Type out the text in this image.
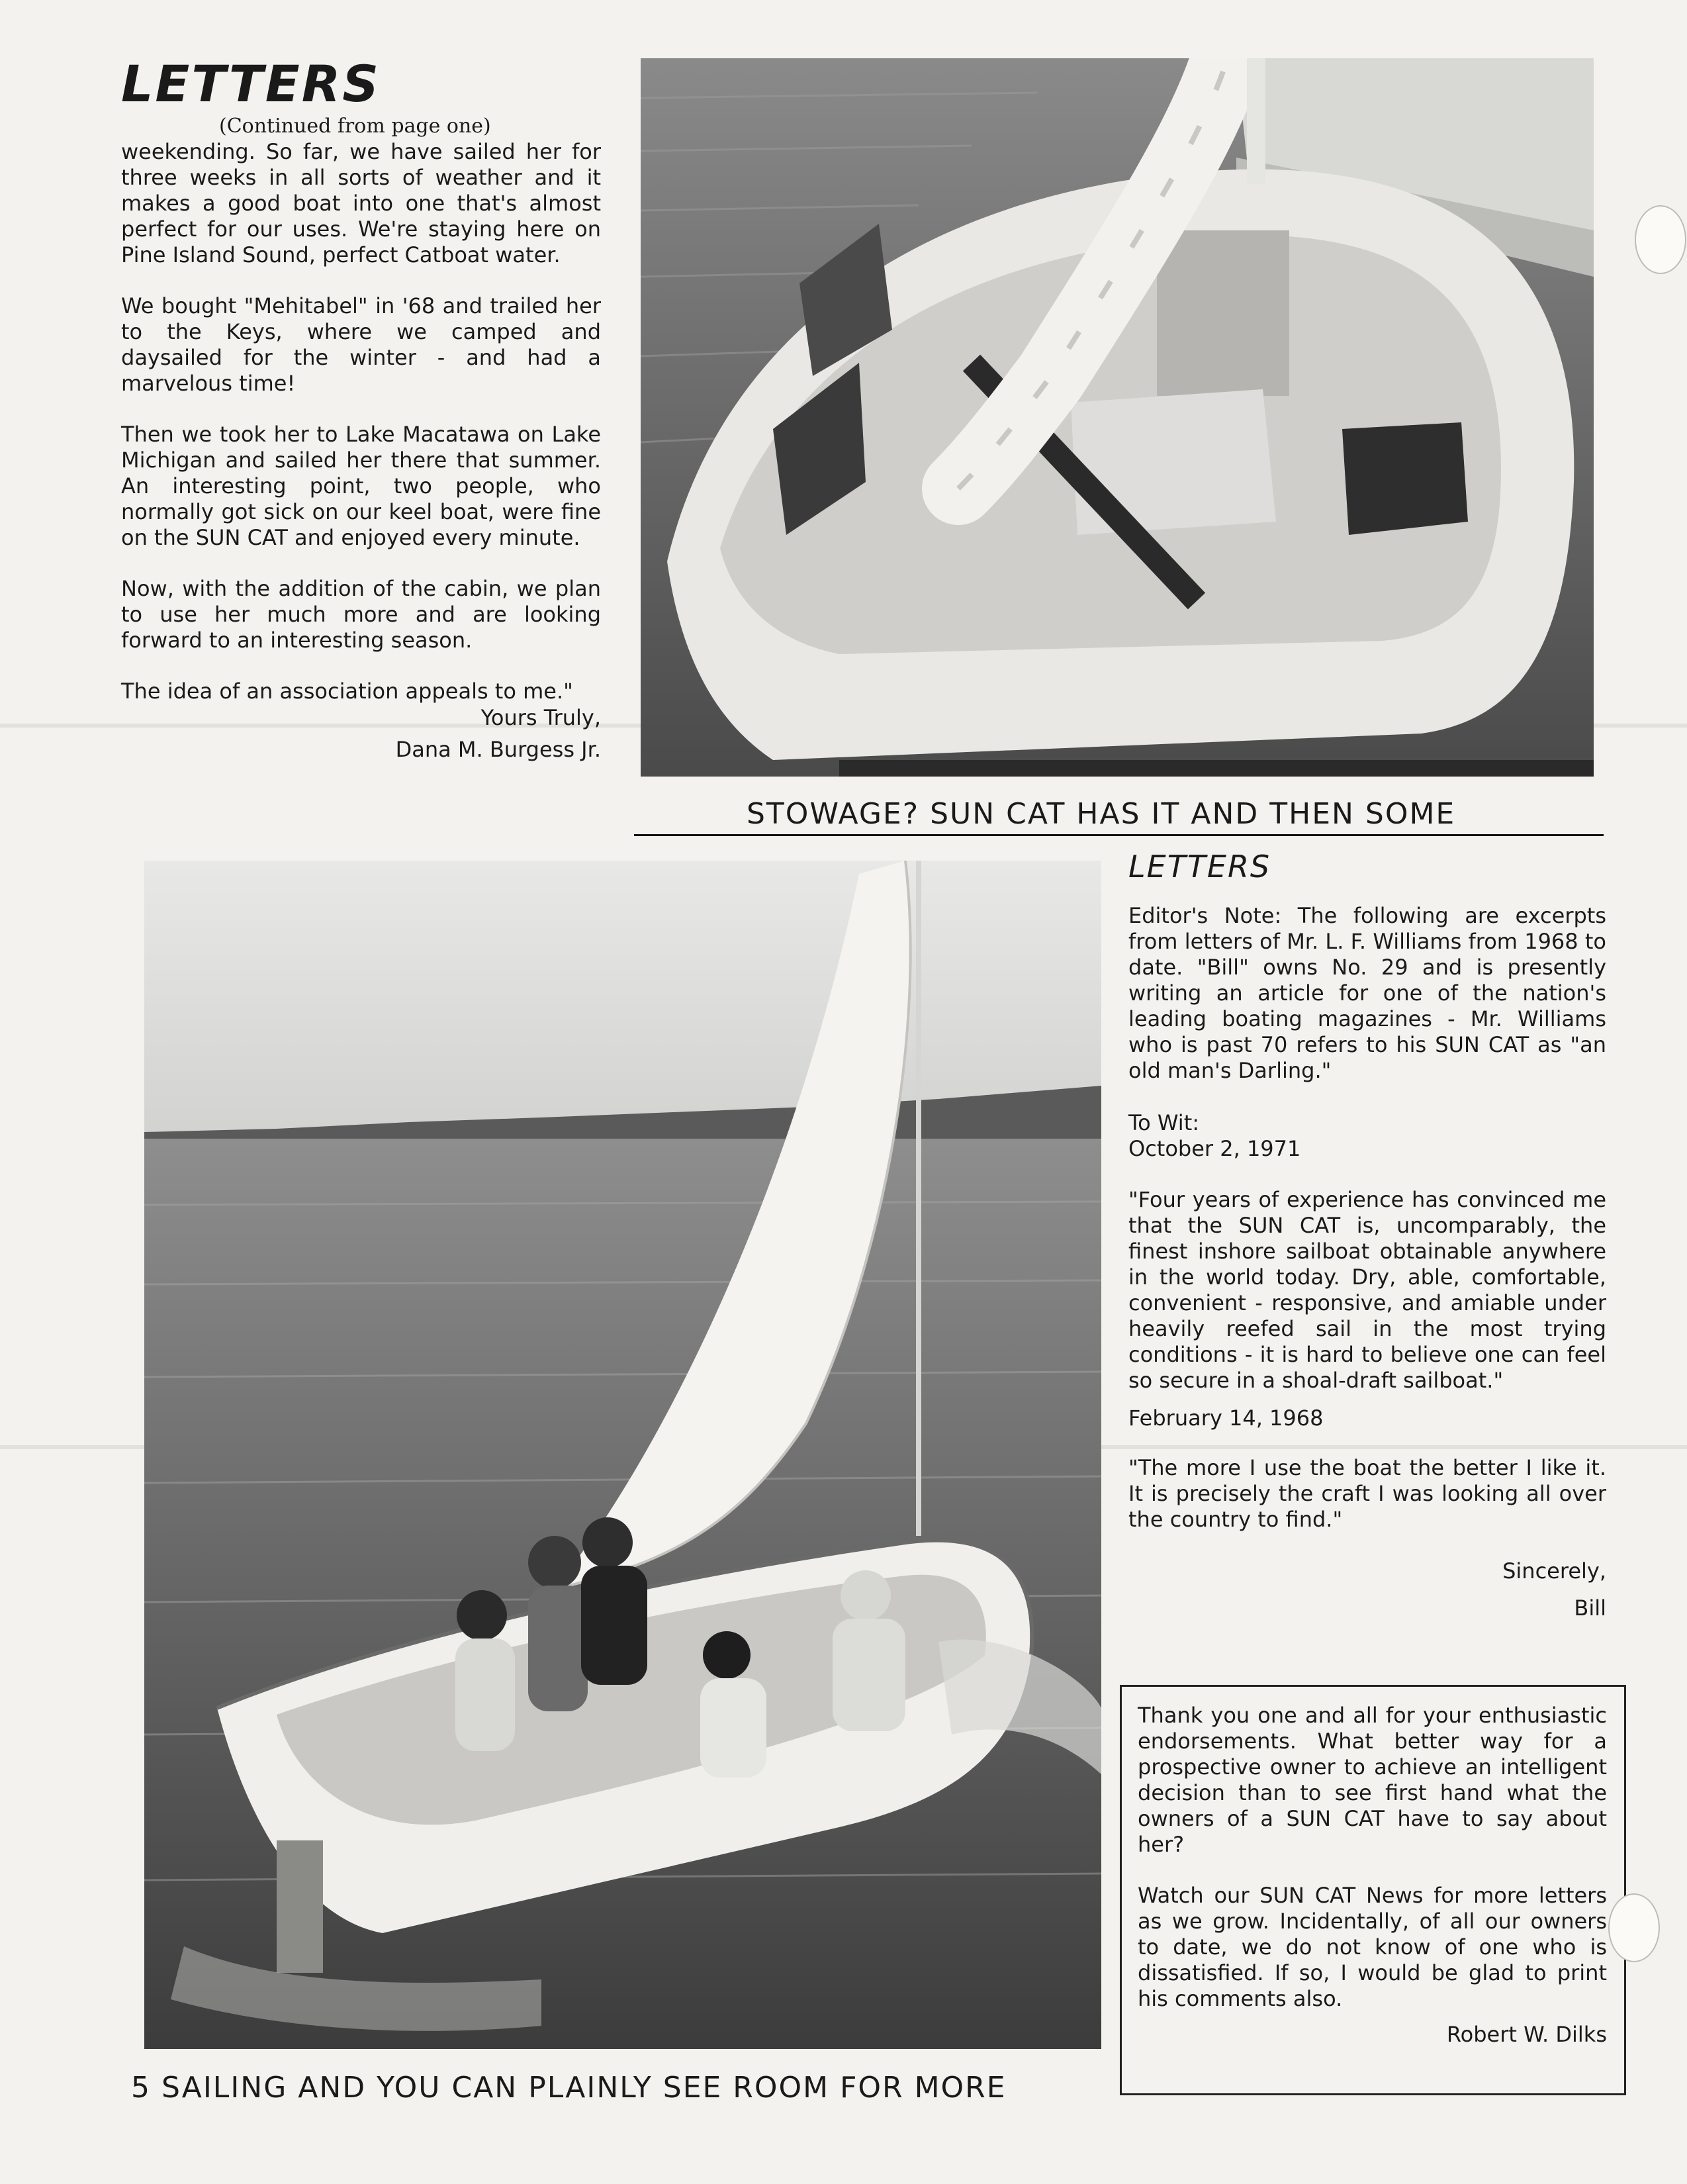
LETTERS
(Continued from page one)

weekending. So far, we have sailed her for three weeks in all sorts of weather and it makes a good boat into one that's almost perfect for our uses. We're staying here on Pine Island Sound, perfect Catboat water.

We bought "Mehitabel" in '68 and trailed her to the Keys, where we camped and daysailed for the winter - and had a marvelous time!

Then we took her to Lake Macatawa on Lake Michigan and sailed her there that summer. An interesting point, two people, who normally got sick on our keel boat, were fine on the SUN CAT and enjoyed every minute.

Now, with the addition of the cabin, we plan to use her much more and are looking forward to an interesting season.

The idea of an association appeals to me."

Yours Truly,
Dana M. Burgess Jr.
STOWAGE? SUN CAT HAS IT AND THEN SOME
LETTERS
Editor's Note: The following are excerpts from letters of Mr. L. F. Williams from 1968 to date. "Bill" owns No. 29 and is presently writing an article for one of the nation's leading boating magazines - Mr. Williams who is past 70 refers to his SUN CAT as "an old man's Darling."
To Wit:
October 2, 1971
"Four years of experience has convinced me that the SUN CAT is, uncomparably, the finest inshore sailboat obtainable anywhere in the world today. Dry, able, comfortable, convenient - responsive, and amiable under heavily reefed sail in the most trying conditions - it is hard to believe one can feel so secure in a shoal-draft sailboat."
February 14, 1968
"The more I use the boat the better I like it. It is precisely the craft I was looking all over the country to find."
Sincerely,
Bill
Thank you one and all for your enthusiastic endorsements. What better way for a prospective owner to achieve an intelligent decision than to see first hand what the owners of a SUN CAT have to say about her?
Watch our SUN CAT News for more letters as we grow. Incidentally, of all our owners to date, we do not know of one who is dissatisfied. If so, I would be glad to print his comments also.
Robert W. Dilks
5 SAILING AND YOU CAN PLAINLY SEE ROOM FOR MORE
